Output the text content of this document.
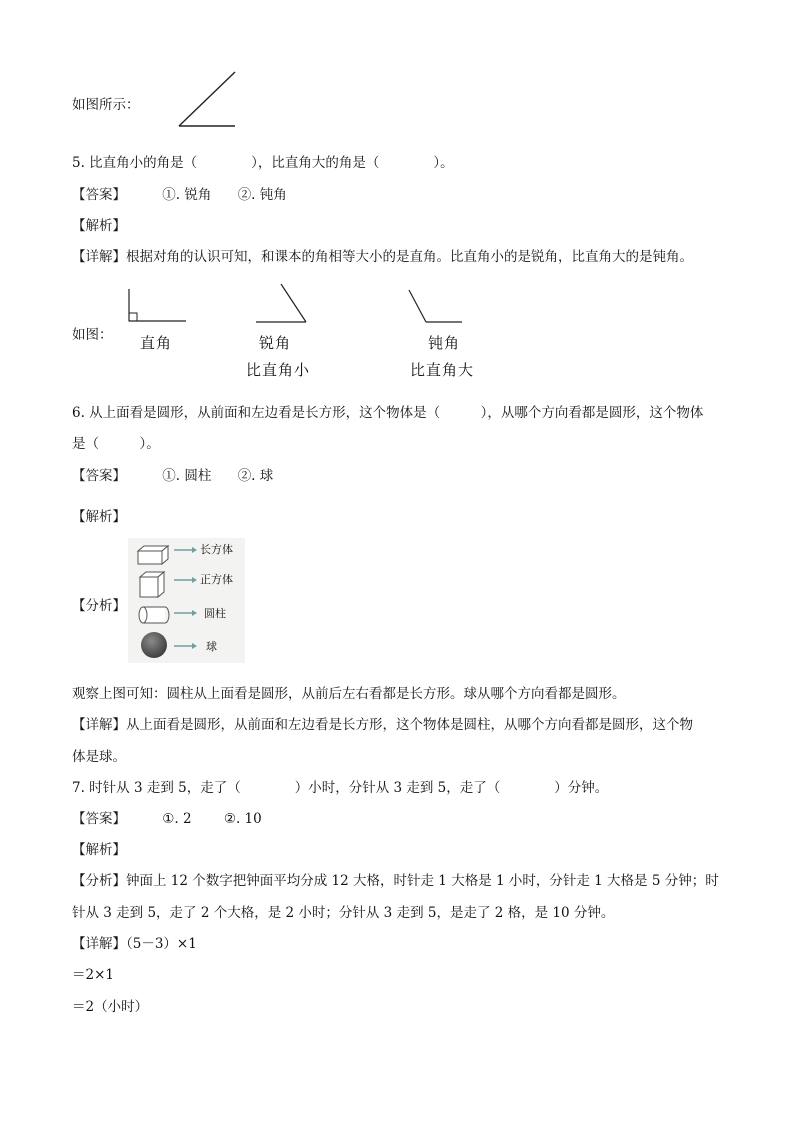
如图所示：
5. 比直角小的角是（　　　　），比直角大的角是（　　　　）。
【答案】	①. 锐角 ②. 钝角
【解析】
【详解】根据对角的认识可知，和课本的角相等大小的是直角。比直角小的是锐角，比直角大的是钝角。
如图： 直角	锐角	钝角
比直角小	比直角大
6. 从上面看是圆形，从前面和左边看是长方形，这个物体是（　　　），从哪个方向看都是圆形，这个物体
是（　　　）。
【答案】	①. 圆柱 ②. 球
【解析】
【分析】
长方体
正方体
圆柱
球
观察上图可知：圆柱从上面看是圆形，从前后左右看都是长方形。球从哪个方向看都是圆形。
【详解】从上面看是圆形，从前面和左边看是长方形，这个物体是圆柱，从哪个方向看都是圆形，这个物
体是球。
7. 时针从 3 走到 5，走了（　　　　）小时，分针从 3 走到 5，走了（　　　　）分钟。
【答案】	①. 2 ②. 10
【解析】
【分析】钟面上 12 个数字把钟面平均分成 12 大格，时针走 1 大格是 1 小时，分针走 1 大格是 5 分钟；时
针从 3 走到 5，走了 2 个大格，是 2 小时；分针从 3 走到 5，是走了 2 格，是 10 分钟。
【详解】（5－3）×1
＝2×1
＝2（小时）
